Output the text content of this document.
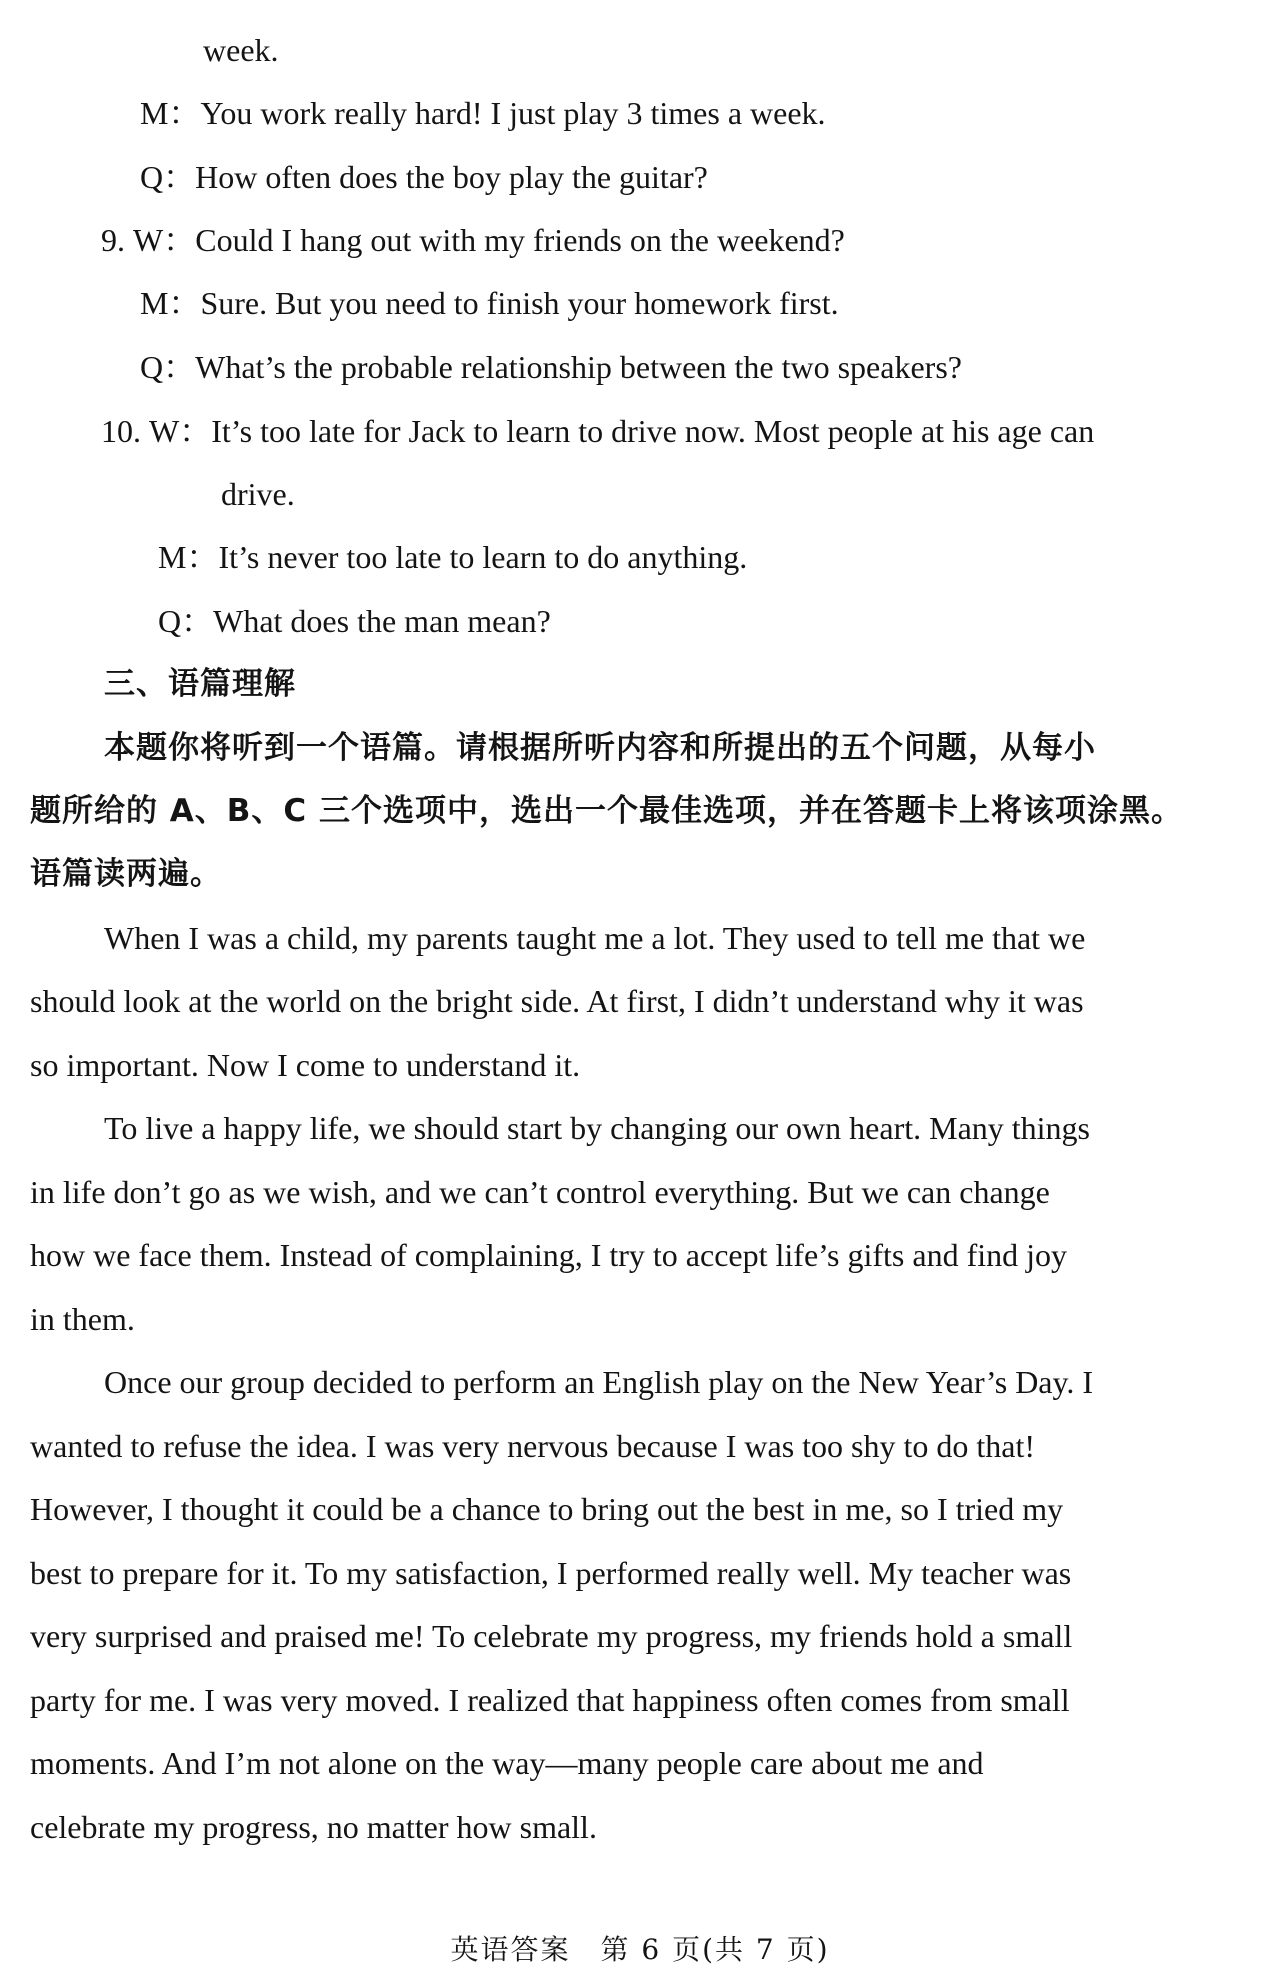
week.
M：You work really hard! I just play 3 times a week.
Q：How often does the boy play the guitar?
9. W：Could I hang out with my friends on the weekend?
M：Sure. But you need to finish your homework first.
Q：What’s the probable relationship between the two speakers?
10. W：It’s too late for Jack to learn to drive now. Most people at his age can
drive.
M：It’s never too late to learn to do anything.
Q：What does the man mean?
三、语篇理解
本题你将听到一个语篇。请根据所听内容和所提出的五个问题，从每小
题所给的 A、B、C 三个选项中，选出一个最佳选项，并在答题卡上将该项涂黑。
语篇读两遍。
When I was a child, my parents taught me a lot. They used to tell me that we
should look at the world on the bright side. At first, I didn’t understand why it was
so important. Now I come to understand it.
To live a happy life, we should start by changing our own heart. Many things
in life don’t go as we wish, and we can’t control everything. But we can change
how we face them. Instead of complaining, I try to accept life’s gifts and find joy
in them.
Once our group decided to perform an English play on the New Year’s Day. I
wanted to refuse the idea. I was very nervous because I was too shy to do that!
However, I thought it could be a chance to bring out the best in me, so I tried my
best to prepare for it. To my satisfaction, I performed really well. My teacher was
very surprised and praised me! To celebrate my progress, my friends hold a small
party for me. I was very moved. I realized that happiness often comes from small
moments. And I’m not alone on the way—many people care about me and
celebrate my progress, no matter how small.
英语答案　第 6 页(共 7 页)
